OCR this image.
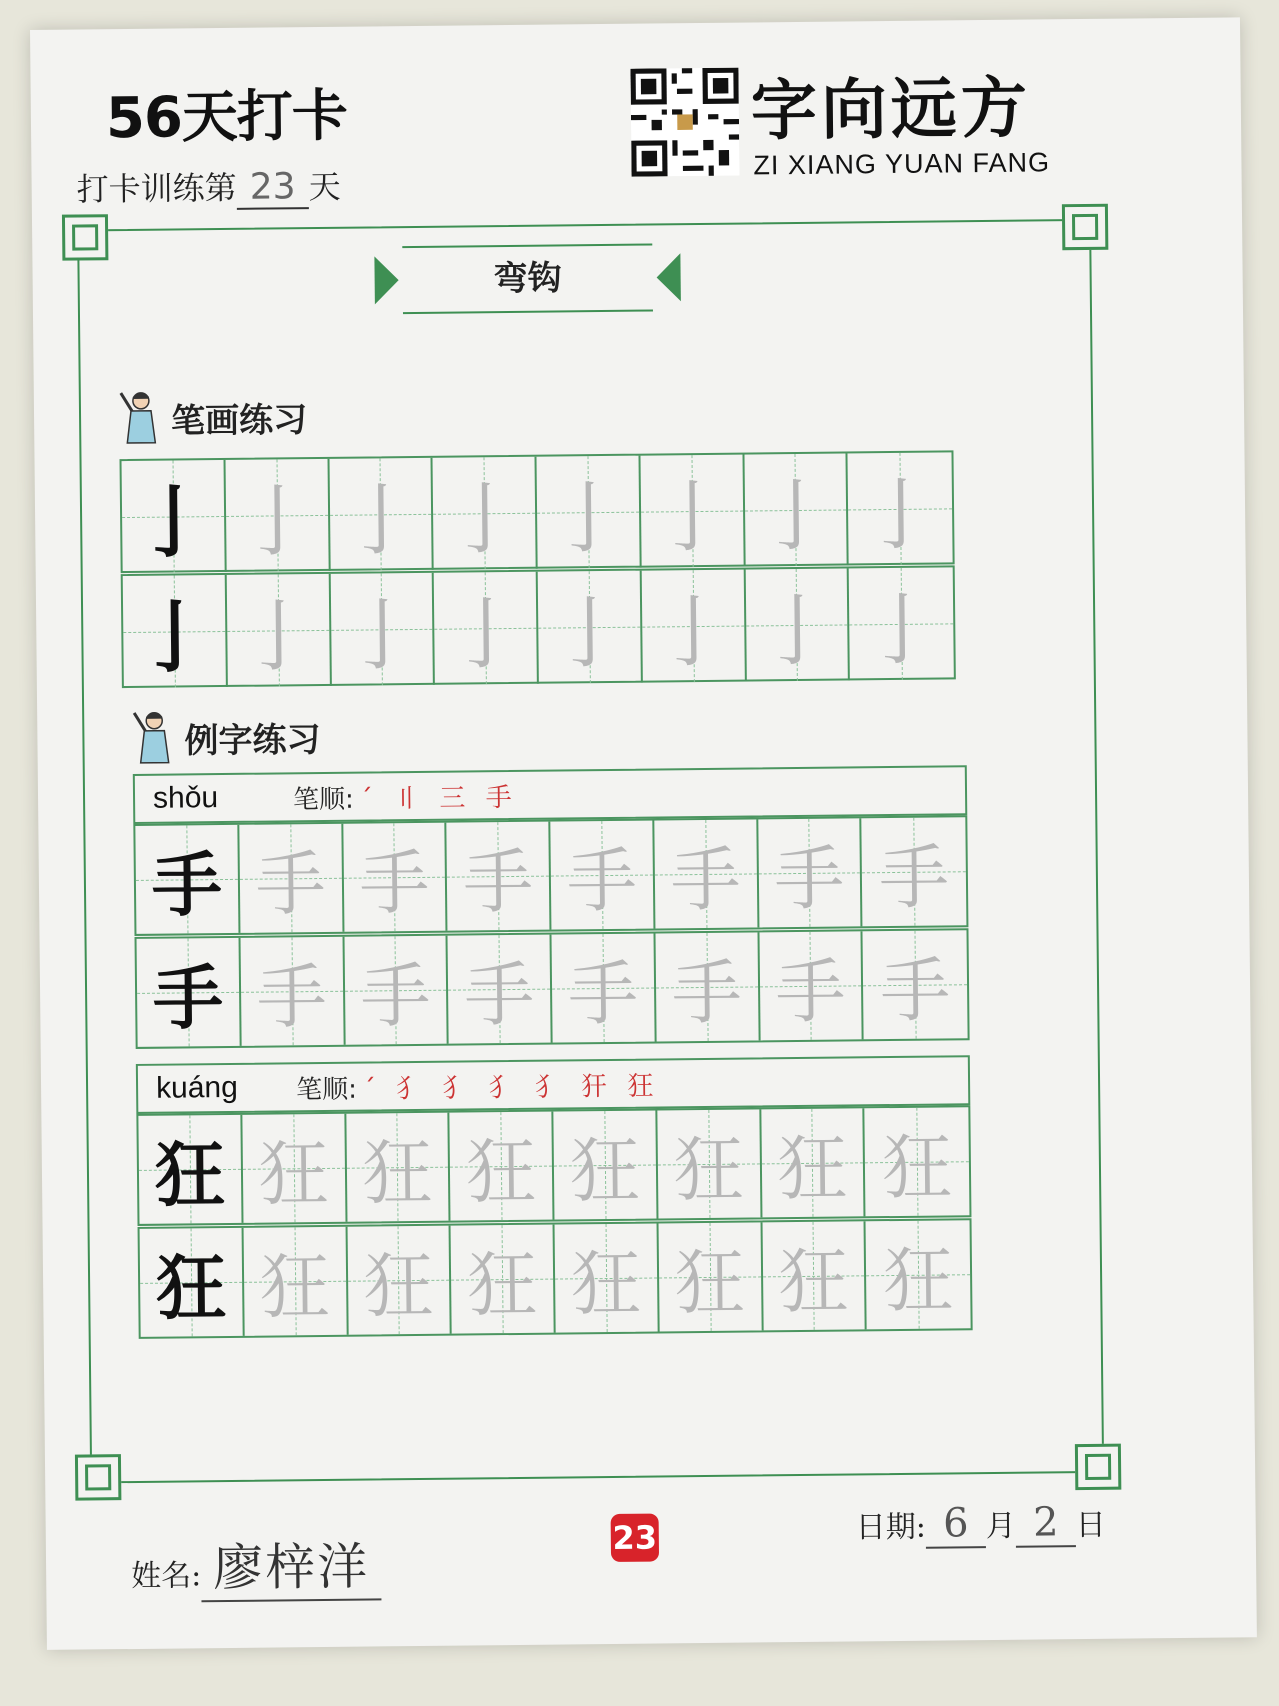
56天打卡
打卡训练第 23 天
字向远方
ZI XIANG YUAN FANG
弯钩
笔画练习
亅 亅 亅 亅 亅 亅 亅 亅
亅 亅 亅 亅 亅 亅 亅 亅
例字练习
shǒu	笔顺: ˊ 〢 三 手
手 手 手 手 手 手 手 手
手 手 手 手 手 手 手 手
kuáng	笔顺: ˊ 犭 犭 犭 犭 犴 狂
狂 狂 狂 狂 狂 狂 狂 狂
狂 狂 狂 狂 狂 狂 狂 狂
姓名: 廖梓洋	23	日期: 6 月 2 日
